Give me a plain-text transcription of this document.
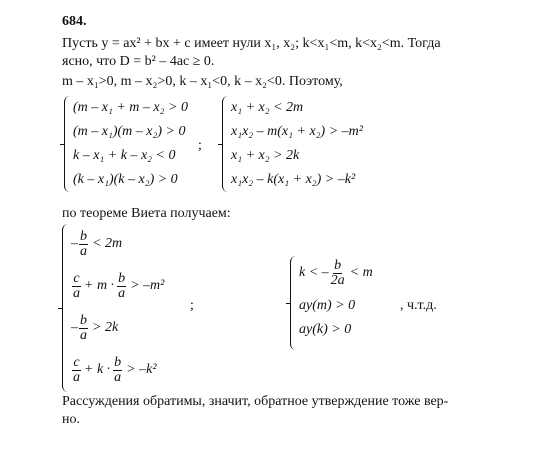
684.
Пусть y = ax² + bx + c имеет нули x₁, x₂; k<x₁<m, k<x₂<m. Тогда
ясно, что D = b² – 4ac ≥ 0.
m – x₁>0, m – x₂>0, k – x₁<0, k – x₂<0. Поэтому,
(m – x₁ + m – x₂ > 0
(m – x₁)(m – x₂) > 0
k – x₁ + k – x₂ < 0
(k – x₁)(k – x₂) > 0
;
x₁ + x₂ < 2m
x₁x₂ – m(x₁ + x₂) > –m²
x₁ + x₂ > 2k
x₁x₂ – k(x₁ + x₂) > –k²
по теореме Виета получаем:
– $\frac{b}{a} < 2m$
$\frac{c}{a} + m \cdot \frac{b}{a} > -m^2$
– $\frac{b}{a} > 2k$
$\frac{c}{a} + k \cdot \frac{b}{a} > -k^2$
;
k < – $\frac{b}{2a} < m$
ay(m) > 0
ay(k) > 0
, ч.т.д.
Рассуждения обратимы, значит, обратное утверждение тоже вер-
но.
